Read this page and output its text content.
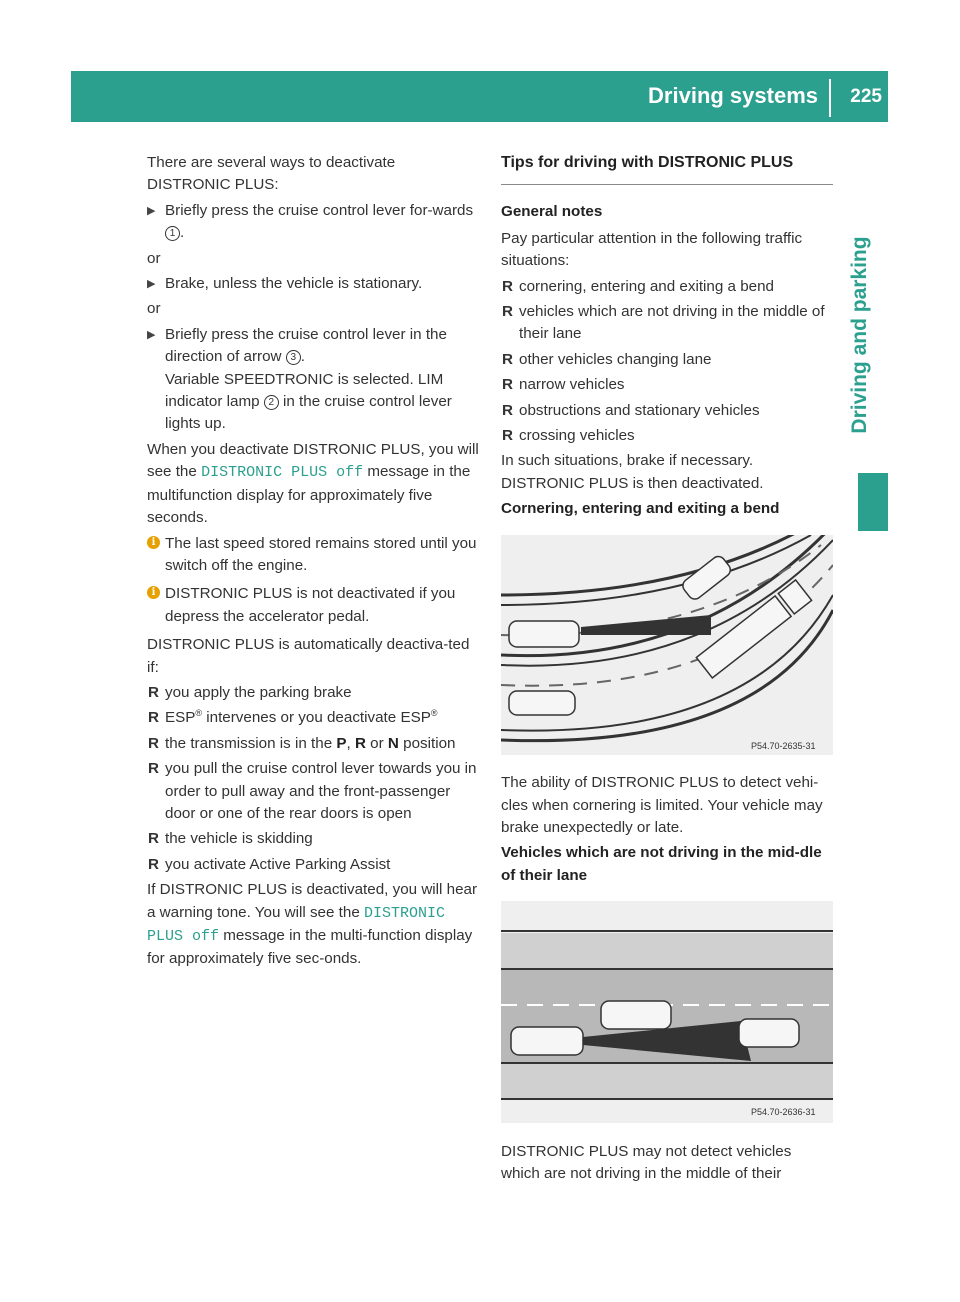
Driving systems 225
Driving and parking

There are several ways to deactivate DISTRONIC PLUS:

▶ Briefly press the cruise control lever for-wards 1 .

or

▶ Brake, unless the vehicle is stationary.

or

▶ Briefly press the cruise control lever in the direction of arrow 3 .
Variable SPEEDTRONIC is selected. LIM indicator lamp 2 in the cruise control lever lights up.

When you deactivate DISTRONIC PLUS, you will see the DISTRONIC PLUS off message in the multifunction display for approximately five seconds.

i The last speed stored remains stored until you switch off the engine.
i DISTRONIC PLUS is not deactivated if you depress the accelerator pedal.

DISTRONIC PLUS is automatically deactiva-ted if:

R you apply the parking brake
R ESP® intervenes or you deactivate ESP®
R the transmission is in the P, R or N position
R you pull the cruise control lever towards you in order to pull away and the front-passenger door or one of the rear doors is open
R the vehicle is skidding
R you activate Active Parking Assist

If DISTRONIC PLUS is deactivated, you will hear a warning tone. You will see the DISTRONIC PLUS off message in the multi-function display for approximately five sec-onds.

Tips for driving with DISTRONIC PLUS
General notes

Pay particular attention in the following traffic situations:

R cornering, entering and exiting a bend
R vehicles which are not driving in the middle of their lane
R other vehicles changing lane
R narrow vehicles
R obstructions and stationary vehicles
R crossing vehicles

In such situations, brake if necessary. DISTRONIC PLUS is then deactivated.

Cornering, entering and exiting a bend
P54.70-2635-31

The ability of DISTRONIC PLUS to detect vehi-cles when cornering is limited. Your vehicle may brake unexpectedly or late.

Vehicles which are not driving in the mid-dle of their lane
P54.70-2636-31

DISTRONIC PLUS may not detect vehicles which are not driving in the middle of their
